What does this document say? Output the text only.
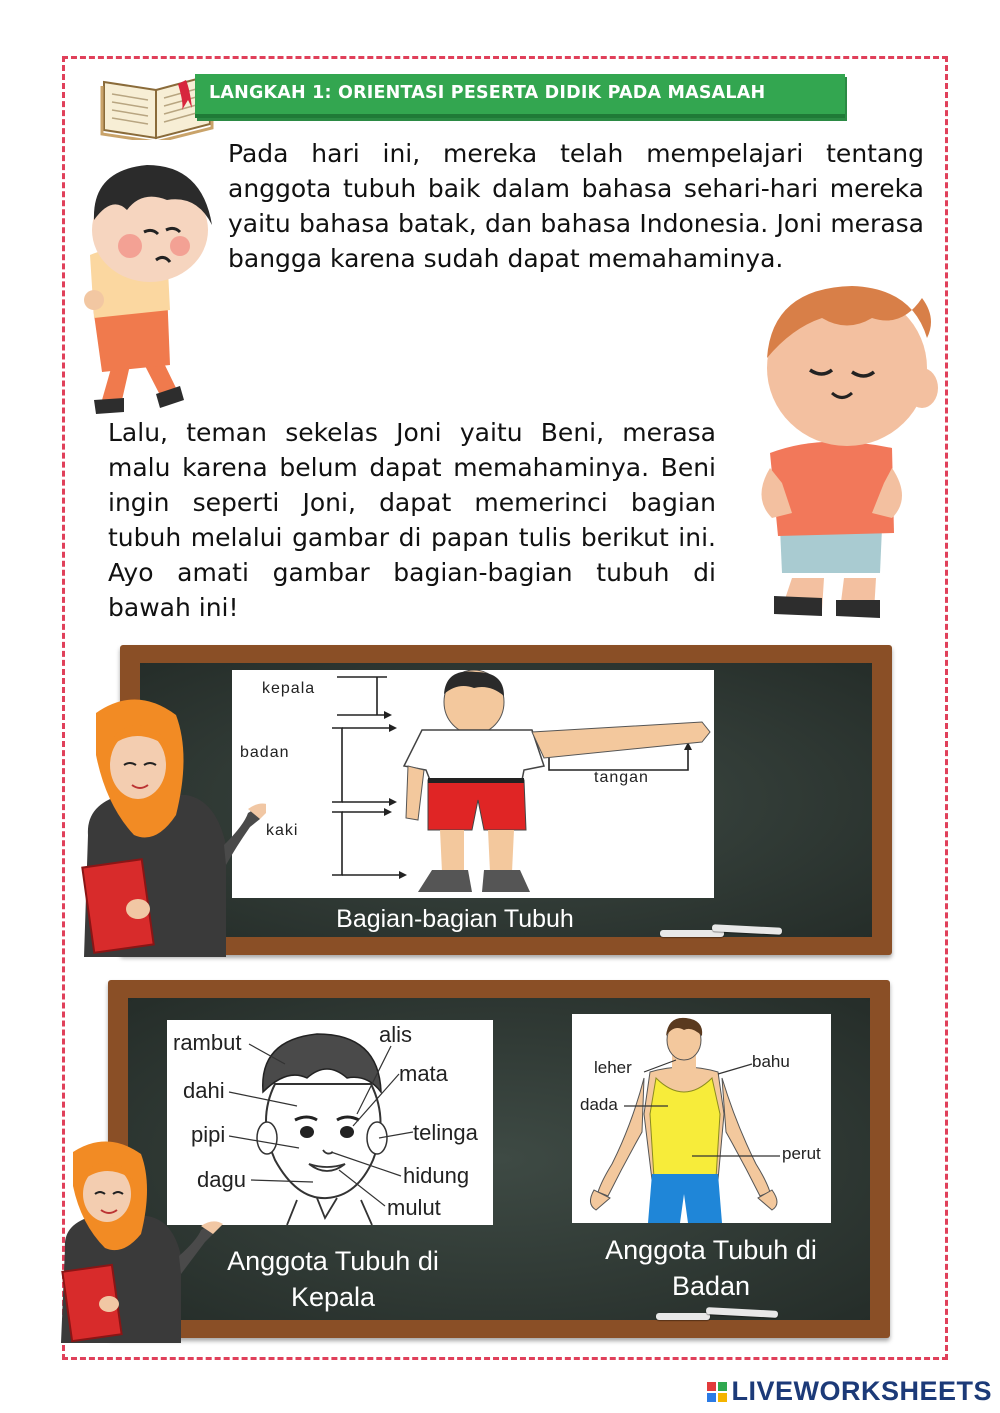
LANGKAH 1: ORIENTASI PESERTA DIDIK PADA MASALAH
Pada hari ini, mereka telah mempelajari tentang anggota tubuh baik dalam bahasa sehari-hari mereka yaitu bahasa batak, dan bahasa Indonesia. Joni merasa bangga karena sudah dapat memahaminya.
Lalu, teman sekelas Joni yaitu Beni, merasa malu karena belum dapat memahaminya. Beni ingin seperti Joni, dapat memerinci bagian tubuh melalui gambar di papan tulis berikut ini. Ayo amati gambar bagian-bagian tubuh di bawah ini!
kepala
badan
kaki
tangan
Bagian-bagian Tubuh
rambut	alis
mata
dahi
pipi	telinga
hidung
dagu
mulut
leher	bahu
dada
perut
Anggota Tubuh di Kepala
Anggota Tubuh di Badan
LIVEWORKSHEETS
